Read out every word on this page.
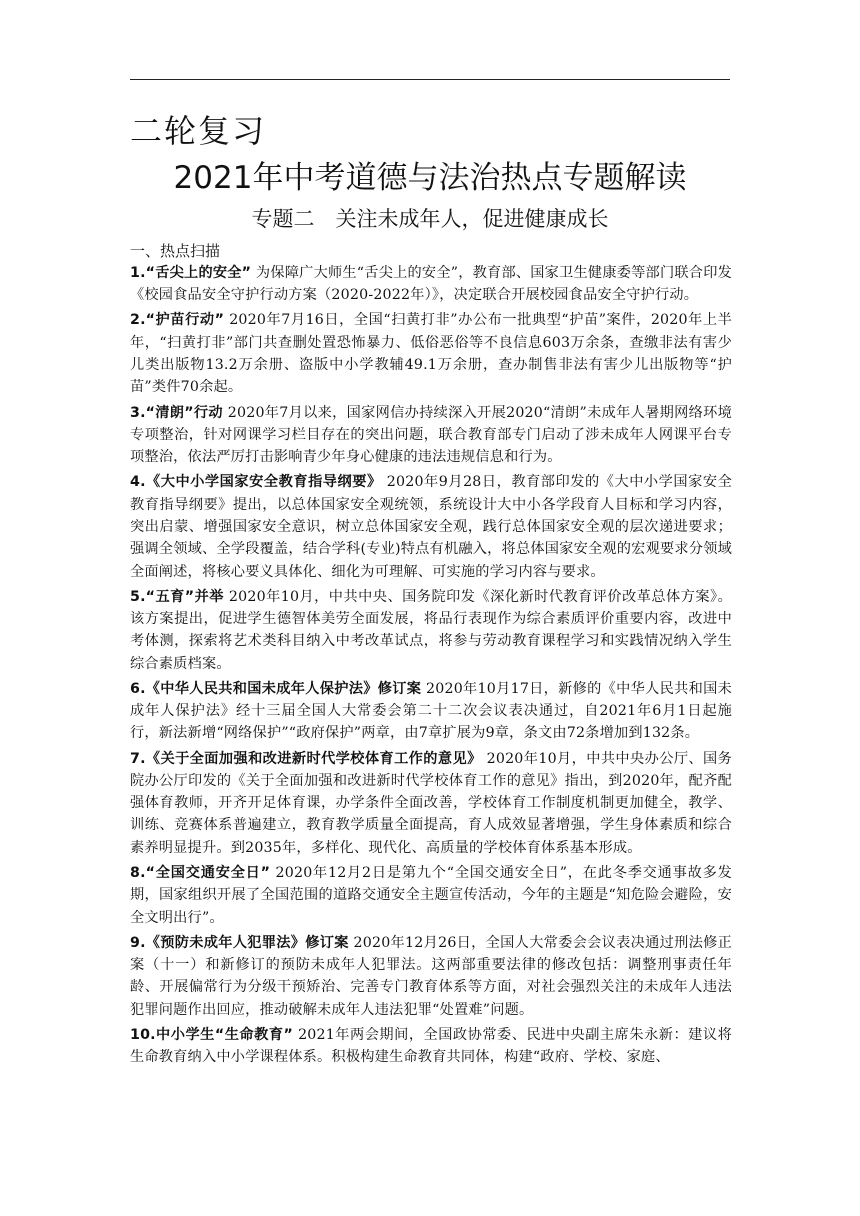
二轮复习
2021年中考道德与法治热点专题解读
专题二　关注未成年人，促进健康成长
一、热点扫描

1.“舌尖上的安全” 为保障广大师生“舌尖上的安全”，教育部、国家卫生健康委等部门联合印发《校园食品安全守护行动方案（2020-2022年）》，决定联合开展校园食品安全守护行动。

2.“护苗行动” 2020年7月16日，全国“扫黄打非”办公布一批典型“护苗”案件，2020年上半年，“扫黄打非”部门共查删处置恐怖暴力、低俗恶俗等不良信息603万余条，查缴非法有害少儿类出版物13.2万余册、盗版中小学教辅49.1万余册，查办制售非法有害少儿出版物等“护苗”类件70余起。

3.“清朗”行动 2020年7月以来，国家网信办持续深入开展2020“清朗”未成年人暑期网络环境专项整治，针对网课学习栏目存在的突出问题，联合教育部专门启动了涉未成年人网课平台专项整治，依法严厉打击影响青少年身心健康的违法违规信息和行为。

4.《大中小学国家安全教育指导纲要》 2020年9月28日，教育部印发的《大中小学国家安全教育指导纲要》提出，以总体国家安全观统领，系统设计大中小各学段育人目标和学习内容，突出启蒙、增强国家安全意识，树立总体国家安全观，践行总体国家安全观的层次递进要求；强调全领域、全学段覆盖，结合学科(专业)特点有机融入，将总体国家安全观的宏观要求分领域全面阐述，将核心要义具体化、细化为可理解、可实施的学习内容与要求。

5.“五育”并举 2020年10月，中共中央、国务院印发《深化新时代教育评价改革总体方案》。该方案提出，促进学生德智体美劳全面发展，将品行表现作为综合素质评价重要内容，改进中考体测，探索将艺术类科目纳入中考改革试点，将参与劳动教育课程学习和实践情况纳入学生综合素质档案。

6.《中华人民共和国未成年人保护法》修订案 2020年10月17日，新修的《中华人民共和国未成年人保护法》经十三届全国人大常委会第二十二次会议表决通过，自2021年6月1日起施行，新法新增“网络保护”“政府保护”两章，由7章扩展为9章，条文由72条增加到132条。

7.《关于全面加强和改进新时代学校体育工作的意见》 2020年10月，中共中央办公厅、国务院办公厅印发的《关于全面加强和改进新时代学校体育工作的意见》指出，到2020年，配齐配强体育教师，开齐开足体育课，办学条件全面改善，学校体育工作制度机制更加健全，教学、训练、竞赛体系普遍建立，教育教学质量全面提高，育人成效显著增强，学生身体素质和综合素养明显提升。到2035年，多样化、现代化、高质量的学校体育体系基本形成。

8.“全国交通安全日” 2020年12月2日是第九个“全国交通安全日”，在此冬季交通事故多发期，国家组织开展了全国范围的道路交通安全主题宣传活动，今年的主题是“知危险会避险，安全文明出行”。

9.《预防未成年人犯罪法》修订案 2020年12月26日，全国人大常委会会议表决通过刑法修正案（十一）和新修订的预防未成年人犯罪法。这两部重要法律的修改包括：调整刑事责任年龄、开展偏常行为分级干预矫治、完善专门教育体系等方面，对社会强烈关注的未成年人违法犯罪问题作出回应，推动破解未成年人违法犯罪“处置难”问题。

10.中小学生“生命教育” 2021年两会期间，全国政协常委、民进中央副主席朱永新：建议将生命教育纳入中小学课程体系。积极构建生命教育共同体，构建“政府、学校、家庭、
